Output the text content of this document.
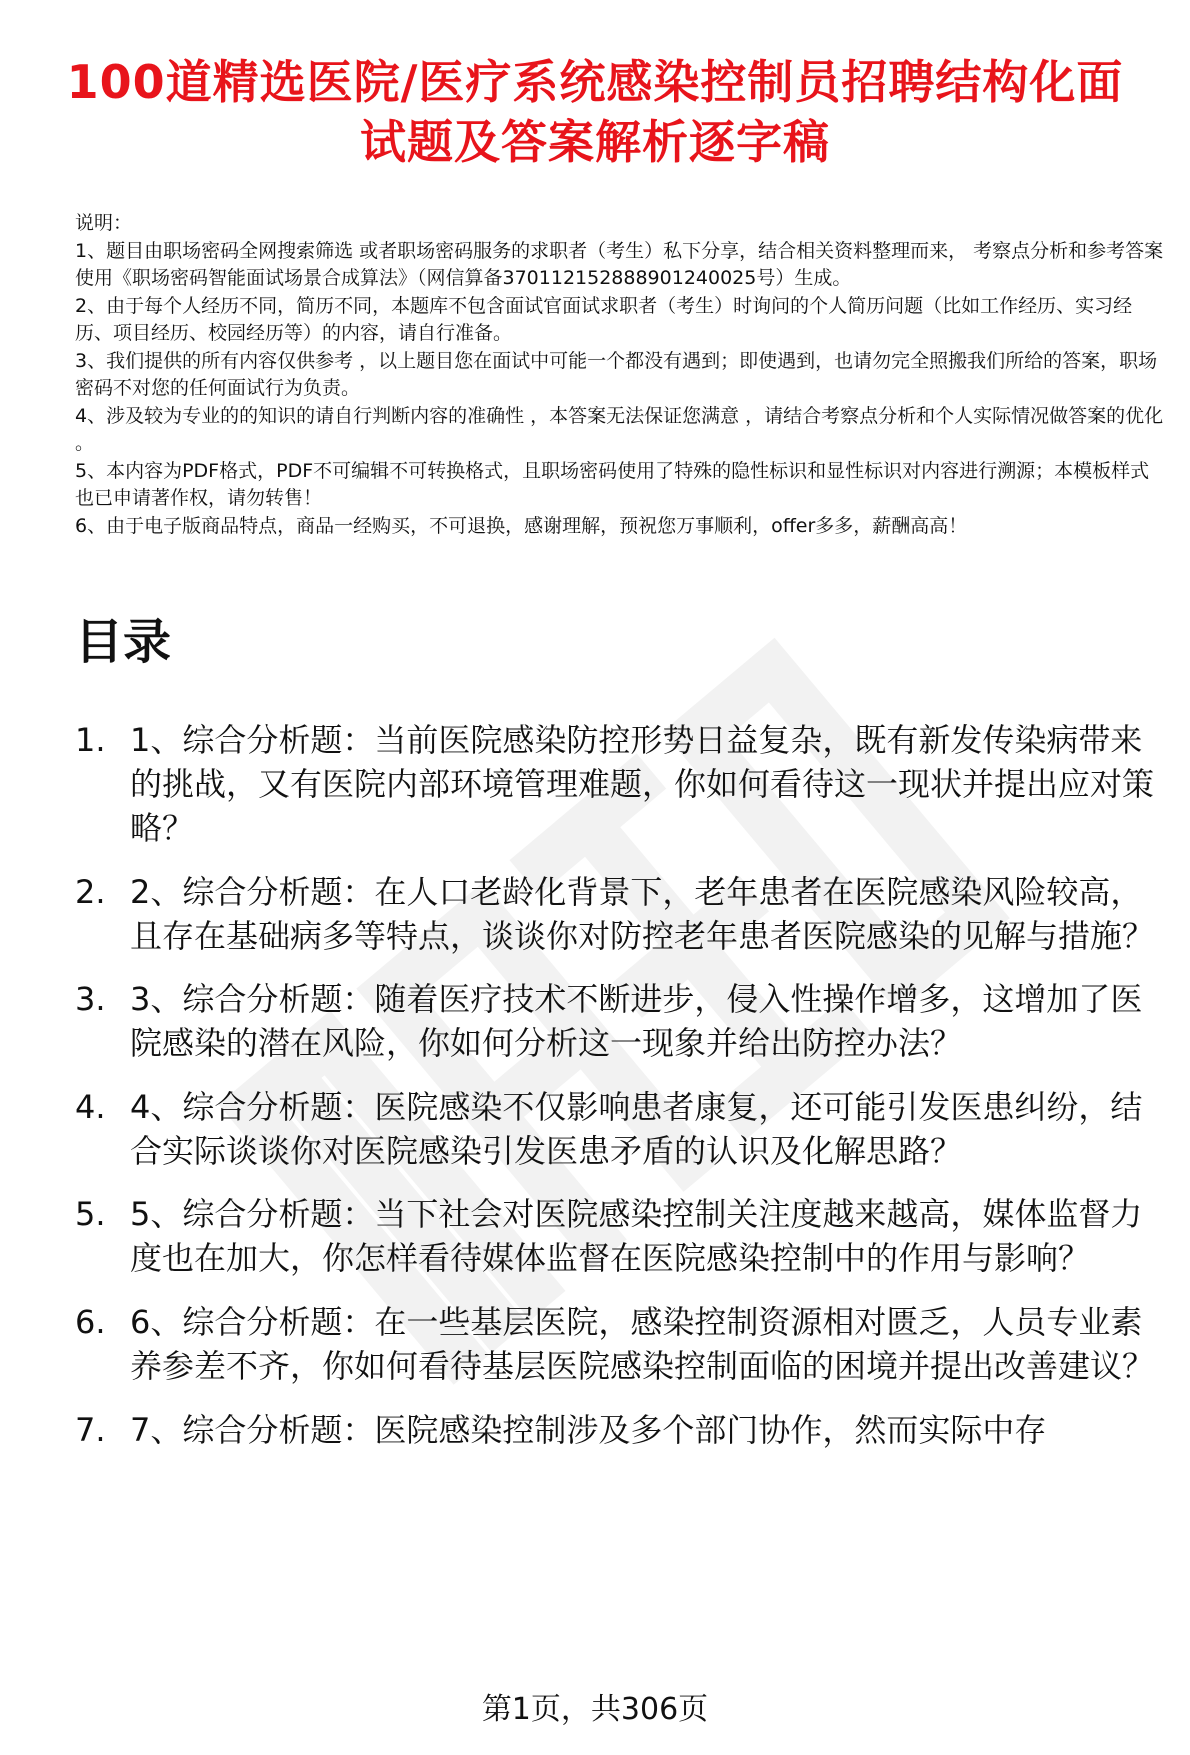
100道精选医院/医疗系统感染控制员招聘结构化面试题及答案解析逐字稿

说明：

1、题目由职场密码全网搜索筛选 或者职场密码服务的求职者（考生）私下分享，结合相关资料整理而来， 考察点分析和参考答案使用《职场密码智能面试场景合成算法》（网信算备370112152888901240025号）生成。

2、由于每个人经历不同，简历不同，本题库不包含面试官面试求职者（考生）时询问的个人简历问题（比如工作经历、实习经历、项目经历、校园经历等）的内容，请自行准备。

3、我们提供的所有内容仅供参考 ，以上题目您在面试中可能一个都没有遇到；即使遇到，也请勿完全照搬我们所给的答案，职场密码不对您的任何面试行为负责。

4、涉及较为专业的的知识的请自行判断内容的准确性 ，本答案无法保证您满意 ，请结合考察点分析和个人实际情况做答案的优化 。

5、本内容为PDF格式，PDF不可编辑不可转换格式，且职场密码使用了特殊的隐性标识和显性标识对内容进行溯源；本模板样式也已申请著作权，请勿转售！

6、由于电子版商品特点，商品一经购买，不可退换，感谢理解，预祝您万事顺利，offer多多，薪酬高高！

目录
1. 1、综合分析题：当前医院感染防控形势日益复杂，既有新发传染病带来的挑战，又有医院内部环境管理难题，你如何看待这一现状并提出应对策略？
2. 2、综合分析题：在人口老龄化背景下，老年患者在医院感染风险较高，且存在基础病多等特点，谈谈你对防控老年患者医院感染的见解与措施？
3. 3、综合分析题：随着医疗技术不断进步，侵入性操作增多，这增加了医院感染的潜在风险，你如何分析这一现象并给出防控办法？
4. 4、综合分析题：医院感染不仅影响患者康复，还可能引发医患纠纷，结合实际谈谈你对医院感染引发医患矛盾的认识及化解思路？
5. 5、综合分析题：当下社会对医院感染控制关注度越来越高，媒体监督力度也在加大，你怎样看待媒体监督在医院感染控制中的作用与影响？
6. 6、综合分析题：在一些基层医院，感染控制资源相对匮乏，人员专业素养参差不齐，你如何看待基层医院感染控制面临的困境并提出改善建议？
7. 7、综合分析题：医院感染控制涉及多个部门协作，然而实际中存
第1页，共306页
